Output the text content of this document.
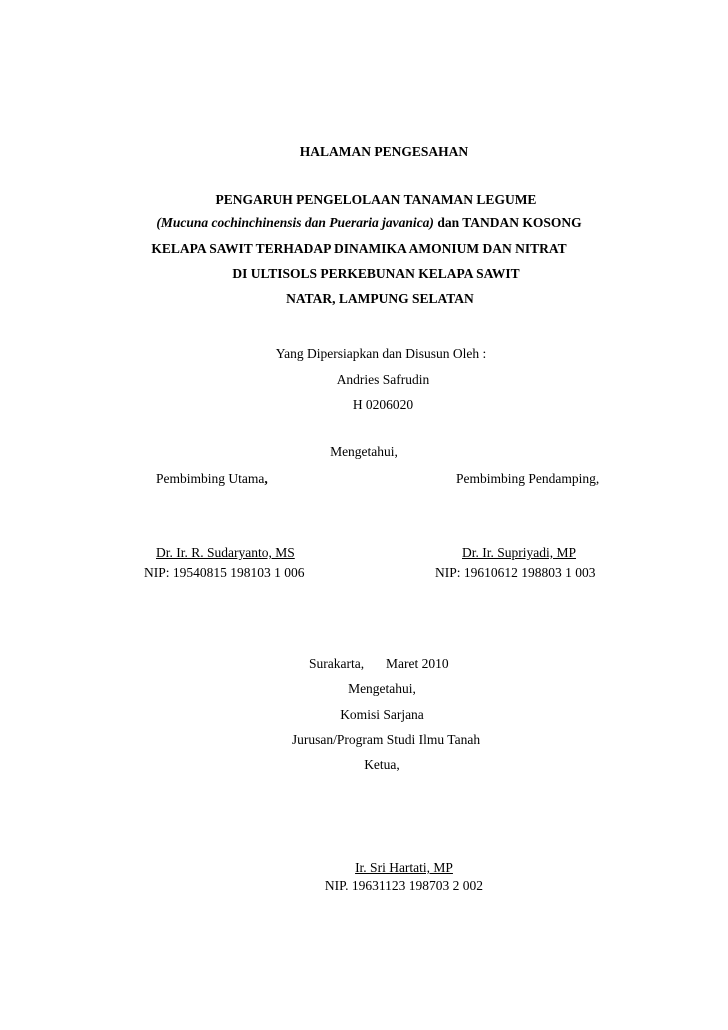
HALAMAN PENGESAHAN
PENGARUH PENGELOLAAN TANAMAN LEGUME
(Mucuna cochinchinensis dan Pueraria javanica) dan TANDAN KOSONG
KELAPA SAWIT TERHADAP DINAMIKA AMONIUM DAN NITRAT
DI ULTISOLS PERKEBUNAN KELAPA SAWIT
NATAR, LAMPUNG SELATAN
Yang Dipersiapkan dan Disusun Oleh :
Andries Safrudin
H 0206020
Mengetahui,
Pembimbing Utama,	Pembimbing Pendamping,
Dr. Ir. R. Sudaryanto, MS
NIP: 19540815 198103 1 006
Dr. Ir. Supriyadi, MP
NIP: 19610612 198803 1 003
Surakarta, Maret 2010
Mengetahui,
Komisi Sarjana
Jurusan/Program Studi Ilmu Tanah
Ketua,
Ir. Sri Hartati, MP
NIP. 19631123 198703 2 002
